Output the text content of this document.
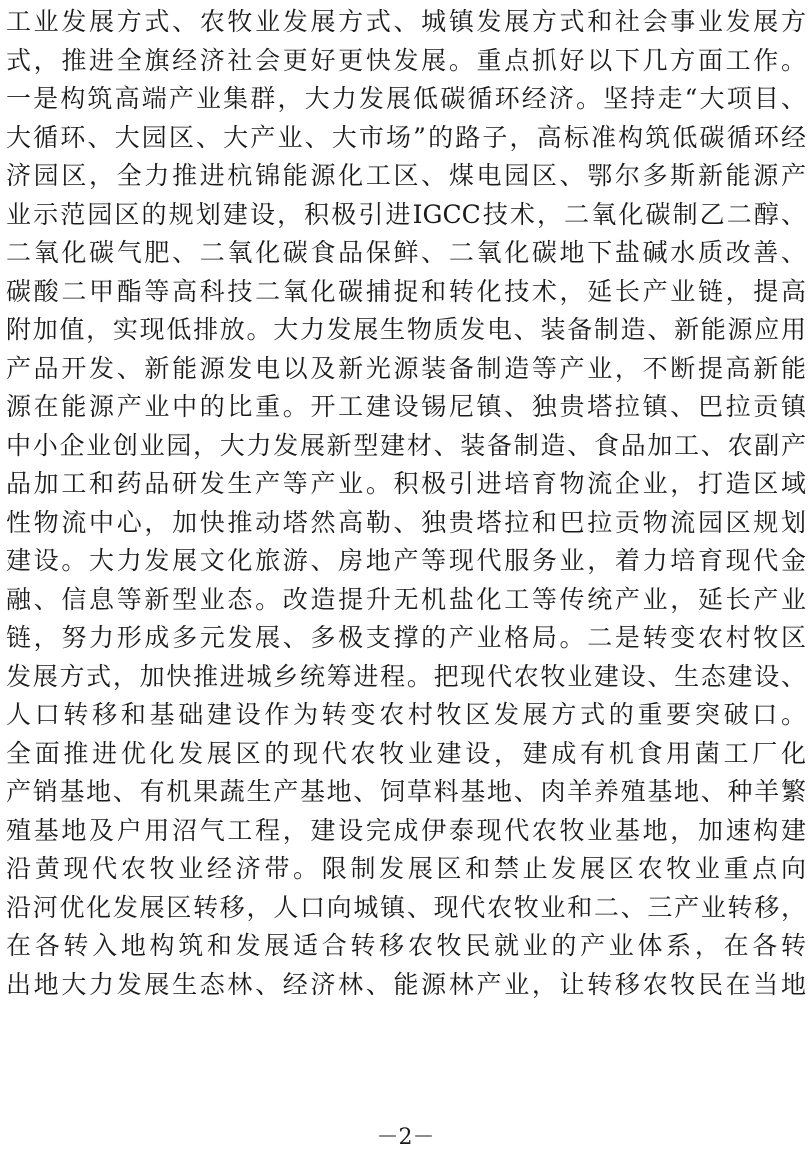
工业发展方式、农牧业发展方式、城镇发展方式和社会事业发展方
式，推进全旗经济社会更好更快发展。重点抓好以下几方面工作。
一是构筑高端产业集群，大力发展低碳循环经济。坚持走“大项目、
大循环、大园区、大产业、大市场”的路子，高标准构筑低碳循环经
济园区，全力推进杭锦能源化工区、煤电园区、鄂尔多斯新能源产
业示范园区的规划建设，积极引进IGCC技术，二氧化碳制乙二醇、
二氧化碳气肥、二氧化碳食品保鲜、二氧化碳地下盐碱水质改善、
碳酸二甲酯等高科技二氧化碳捕捉和转化技术，延长产业链，提高
附加值，实现低排放。大力发展生物质发电、装备制造、新能源应用
产品开发、新能源发电以及新光源装备制造等产业，不断提高新能
源在能源产业中的比重。开工建设锡尼镇、独贵塔拉镇、巴拉贡镇
中小企业创业园，大力发展新型建材、装备制造、食品加工、农副产
品加工和药品研发生产等产业。积极引进培育物流企业，打造区域
性物流中心，加快推动塔然高勒、独贵塔拉和巴拉贡物流园区规划
建设。大力发展文化旅游、房地产等现代服务业，着力培育现代金
融、信息等新型业态。改造提升无机盐化工等传统产业，延长产业
链，努力形成多元发展、多极支撑的产业格局。二是转变农村牧区
发展方式，加快推进城乡统筹进程。把现代农牧业建设、生态建设、
人口转移和基础建设作为转变农村牧区发展方式的重要突破口。
全面推进优化发展区的现代农牧业建设，建成有机食用菌工厂化
产销基地、有机果蔬生产基地、饲草料基地、肉羊养殖基地、种羊繁
殖基地及户用沼气工程，建设完成伊泰现代农牧业基地，加速构建
沿黄现代农牧业经济带。限制发展区和禁止发展区农牧业重点向
沿河优化发展区转移，人口向城镇、现代农牧业和二、三产业转移，
在各转入地构筑和发展适合转移农牧民就业的产业体系，在各转
出地大力发展生态林、经济林、能源林产业，让转移农牧民在当地
－2－
